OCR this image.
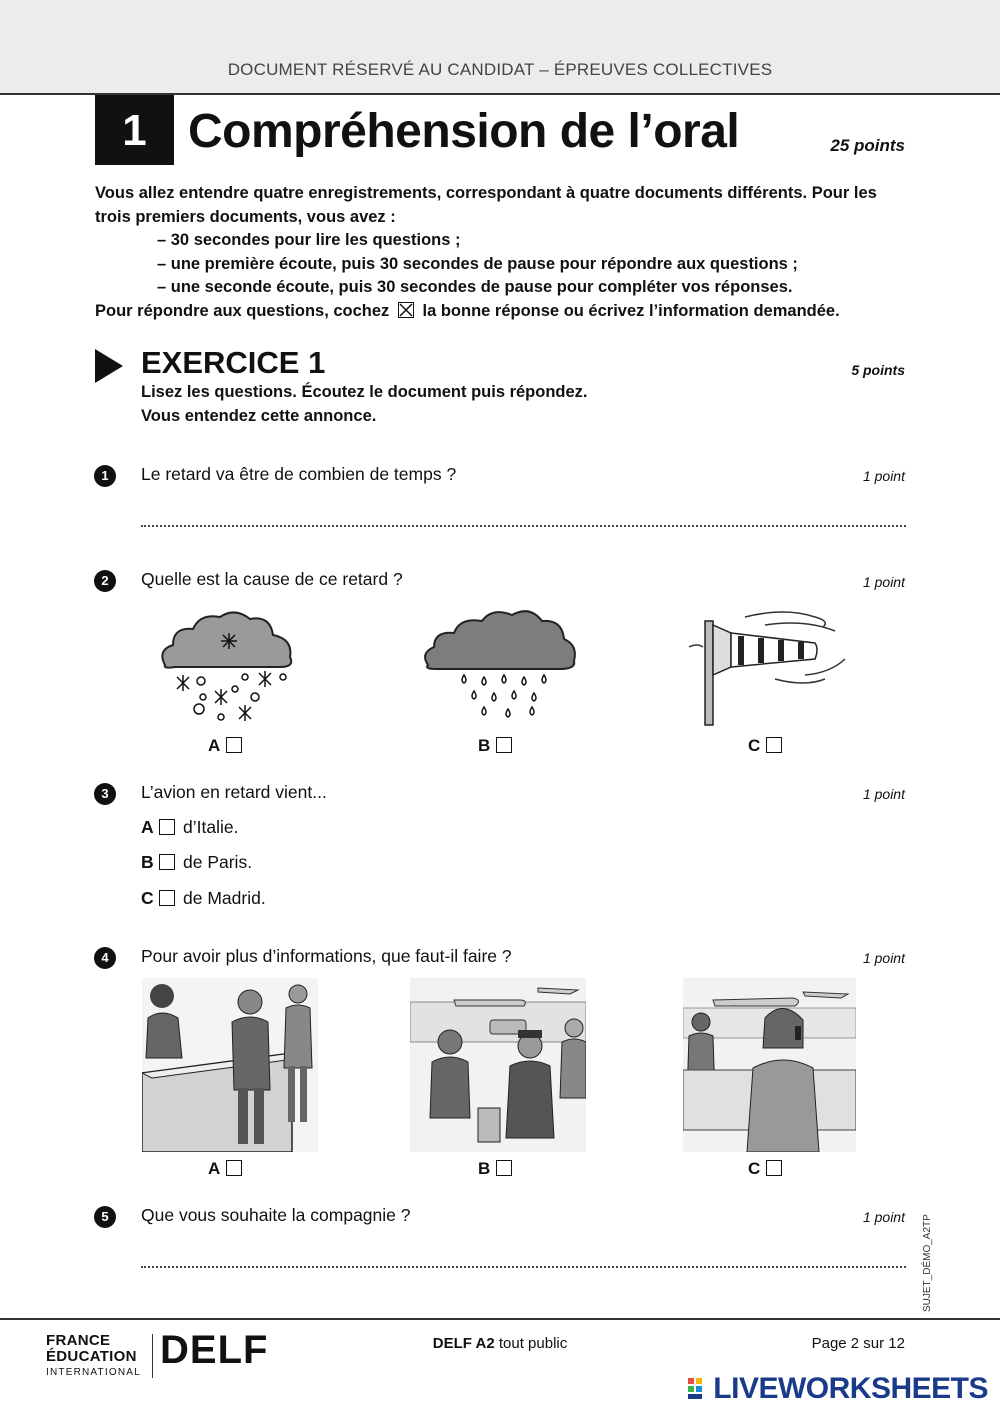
DOCUMENT RÉSERVÉ AU CANDIDAT – ÉPREUVES COLLECTIVES
1 Compréhension de l’oral	25 points

Vous allez entendre quatre enregistrements, correspondant à quatre documents différents. Pour les trois premiers documents, vous avez :

– 30 secondes pour lire les questions ;

– une première écoute, puis 30 secondes de pause pour répondre aux questions ;

– une seconde écoute, puis 30 secondes de pause pour compléter vos réponses.

Pour répondre aux questions, cochez la bonne réponse ou écrivez l’information demandée.

EXERCICE 1	5 points

Lisez les questions. Écoutez le document puis répondez.

Vous entendez cette annonce.

1	Le retard va être de combien de temps ?	1 point
2	Quelle est la cause de ce retard ?	1 point
A	B	C
3	L’avion en retard vient...	1 point
A d’Italie.
B de Paris.
C de Madrid.
4	Pour avoir plus d’informations, que faut-il faire ?	1 point
A	B	C
5	Que vous souhaite la compagnie ?	1 point SUJET_DÉMO_A2TP
FRANCE
ÉDUCATION
INTERNATIONAL
DELF	DELF A2 tout public	Page 2 sur 12
LIVEWORKSHEETS
